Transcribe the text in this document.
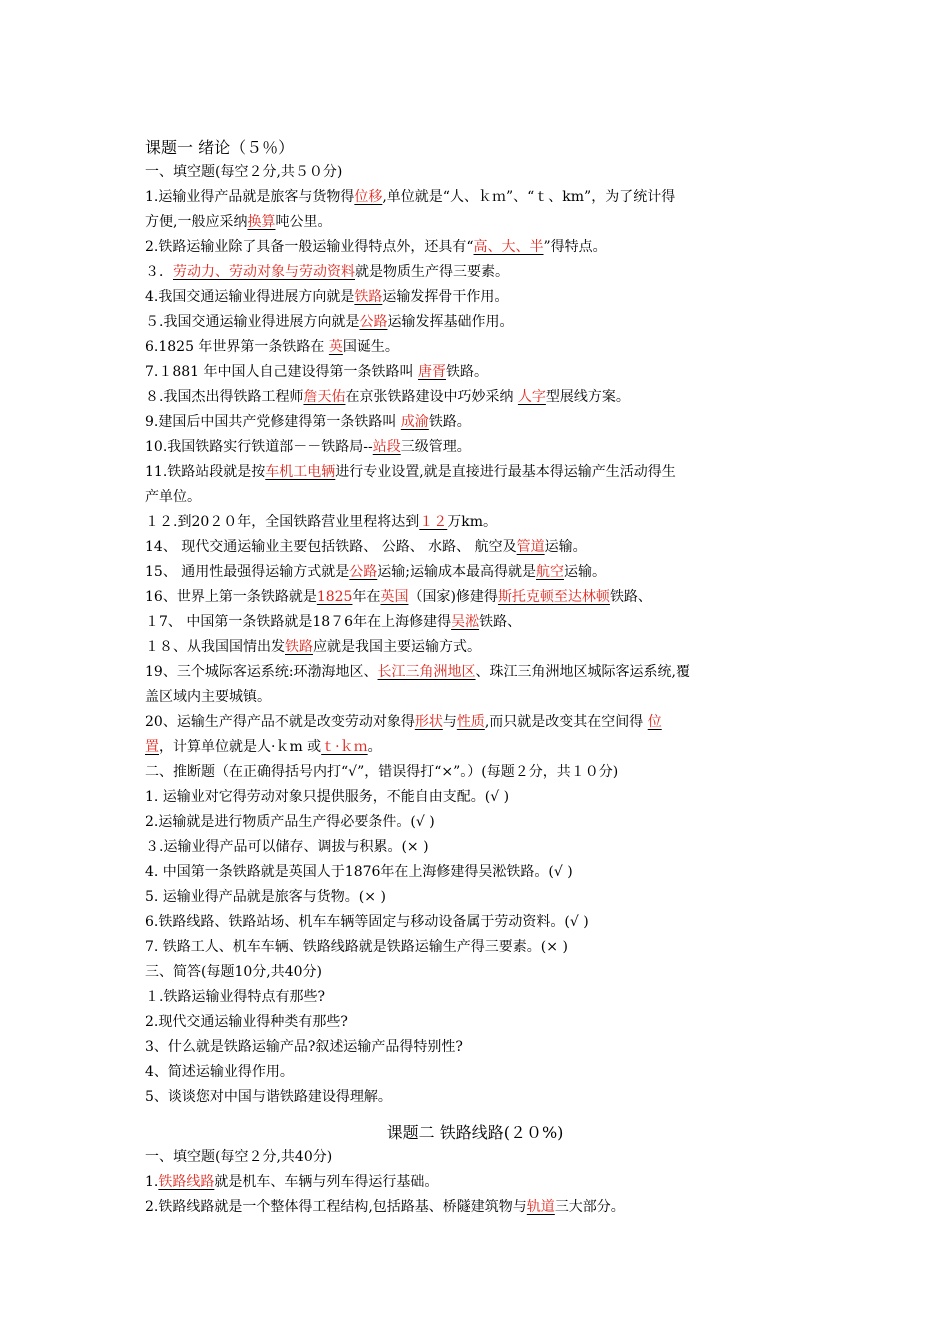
课题一 绪论（５％）
一、填空题(每空２分,共５０分)
1.运输业得产品就是旅客与货物得位移,单位就是“人、ｋｍ”、“ｔ、km”，为了统计得
方便,一般应采纳换算吨公里。
2.铁路运输业除了具备一般运输业得特点外，还具有“高、大、半”得特点。
３．劳动力、劳动对象与劳动资料就是物质生产得三要素。
4.我国交通运输业得进展方向就是铁路运输发挥骨干作用。
５.我国交通运输业得进展方向就是公路运输发挥基础作用。
6.1825 年世界第一条铁路在 英国诞生。
7.１881 年中国人自己建设得第一条铁路叫 唐胥铁路。
８.我国杰出得铁路工程师詹天佑在京张铁路建设中巧妙采纳 人字型展线方案。
9.建国后中国共产党修建得第一条铁路叫 成渝铁路。
10.我国铁路实行铁道部－－铁路局--站段三级管理。
11.铁路站段就是按车机工电辆进行专业设置,就是直接进行最基本得运输产生活动得生
产单位。
１２.到20２０年，全国铁路营业里程将达到１２万km。
14、 现代交通运输业主要包括铁路、 公路、 水路、 航空及管道运输。
15、 通用性最强得运输方式就是公路运输;运输成本最高得就是航空运输。
16、世界上第一条铁路就是1825年在英国（国家)修建得斯托克顿至达林顿铁路、
１7、 中国第一条铁路就是18７6年在上海修建得吴淞铁路、
１８、从我国国情出发铁路应就是我国主要运输方式。
19、三个城际客运系统:环渤海地区、长江三角洲地区、珠江三角洲地区城际客运系统,覆
盖区域内主要城镇。
20、运输生产得产品不就是改变劳动对象得形状与性质,而只就是改变其在空间得 位
置，计算单位就是人·ｋm 或ｔ·ｋｍ。
二、推断题（在正确得括号内打“√”，错误得打“×”。）(每题２分，共１０分)
1. 运输业对它得劳动对象只提供服务，不能自由支配。(√ )
2.运输就是进行物质产品生产得必要条件。(√ )
３.运输业得产品可以储存、调拔与积累。(× )
4. 中国第一条铁路就是英国人于1876年在上海修建得吴淞铁路。(√ )
5. 运输业得产品就是旅客与货物。(× )
6.铁路线路、铁路站场、机车车辆等固定与移动设备属于劳动资料。(√ )
7. 铁路工人、机车车辆、铁路线路就是铁路运输生产得三要素。(× )
三、简答(每题10分,共40分)
１.铁路运输业得特点有那些?
2.现代交通运输业得种类有那些?
3、什么就是铁路运输产品?叙述运输产品得特别性?
4、简述运输业得作用。
5、谈谈您对中国与谐铁路建设得理解。
课题二 铁路线路(２０%)
一、填空题(每空２分,共40分)
1.铁路线路就是机车、车辆与列车得运行基础。
2.铁路线路就是一个整体得工程结构,包括路基、桥隧建筑物与轨道三大部分。
